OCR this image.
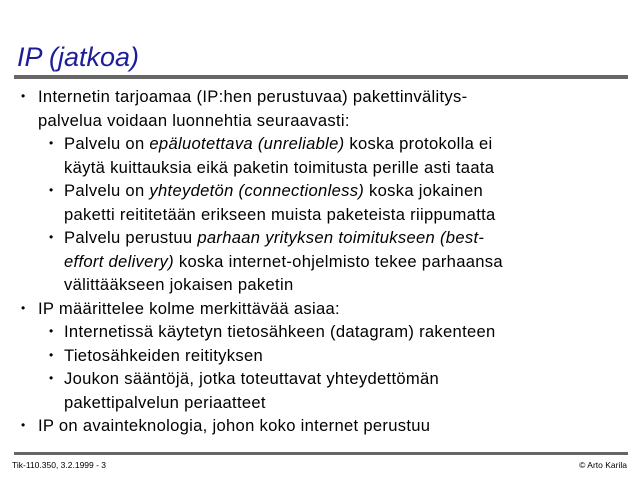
IP (jatkoa)
• Internetin tarjoamaa (IP:hen perustuvaa) pakettinvälitys-
palvelua voidaan luonnehtia seuraavasti:
• Palvelu on epäluotettava (unreliable) koska protokolla ei
käytä kuittauksia eikä paketin toimitusta perille asti taata
• Palvelu on yhteydetön (connectionless) koska jokainen
paketti reititetään erikseen muista paketeista riippumatta
• Palvelu perustuu parhaan yrityksen toimitukseen (best-
effort delivery) koska internet-ohjelmisto tekee parhaansa
välittääkseen jokaisen paketin
• IP määrittelee kolme merkittävää asiaa:
• Internetissä käytetyn tietosähkeen (datagram) rakenteen
• Tietosähkeiden reitityksen
• Joukon sääntöjä, jotka toteuttavat yhteydettömän
pakettipalvelun periaatteet
• IP on avainteknologia, johon koko internet perustuu
Tik-110.350, 3.2.1999 - 3	© Arto Karila
